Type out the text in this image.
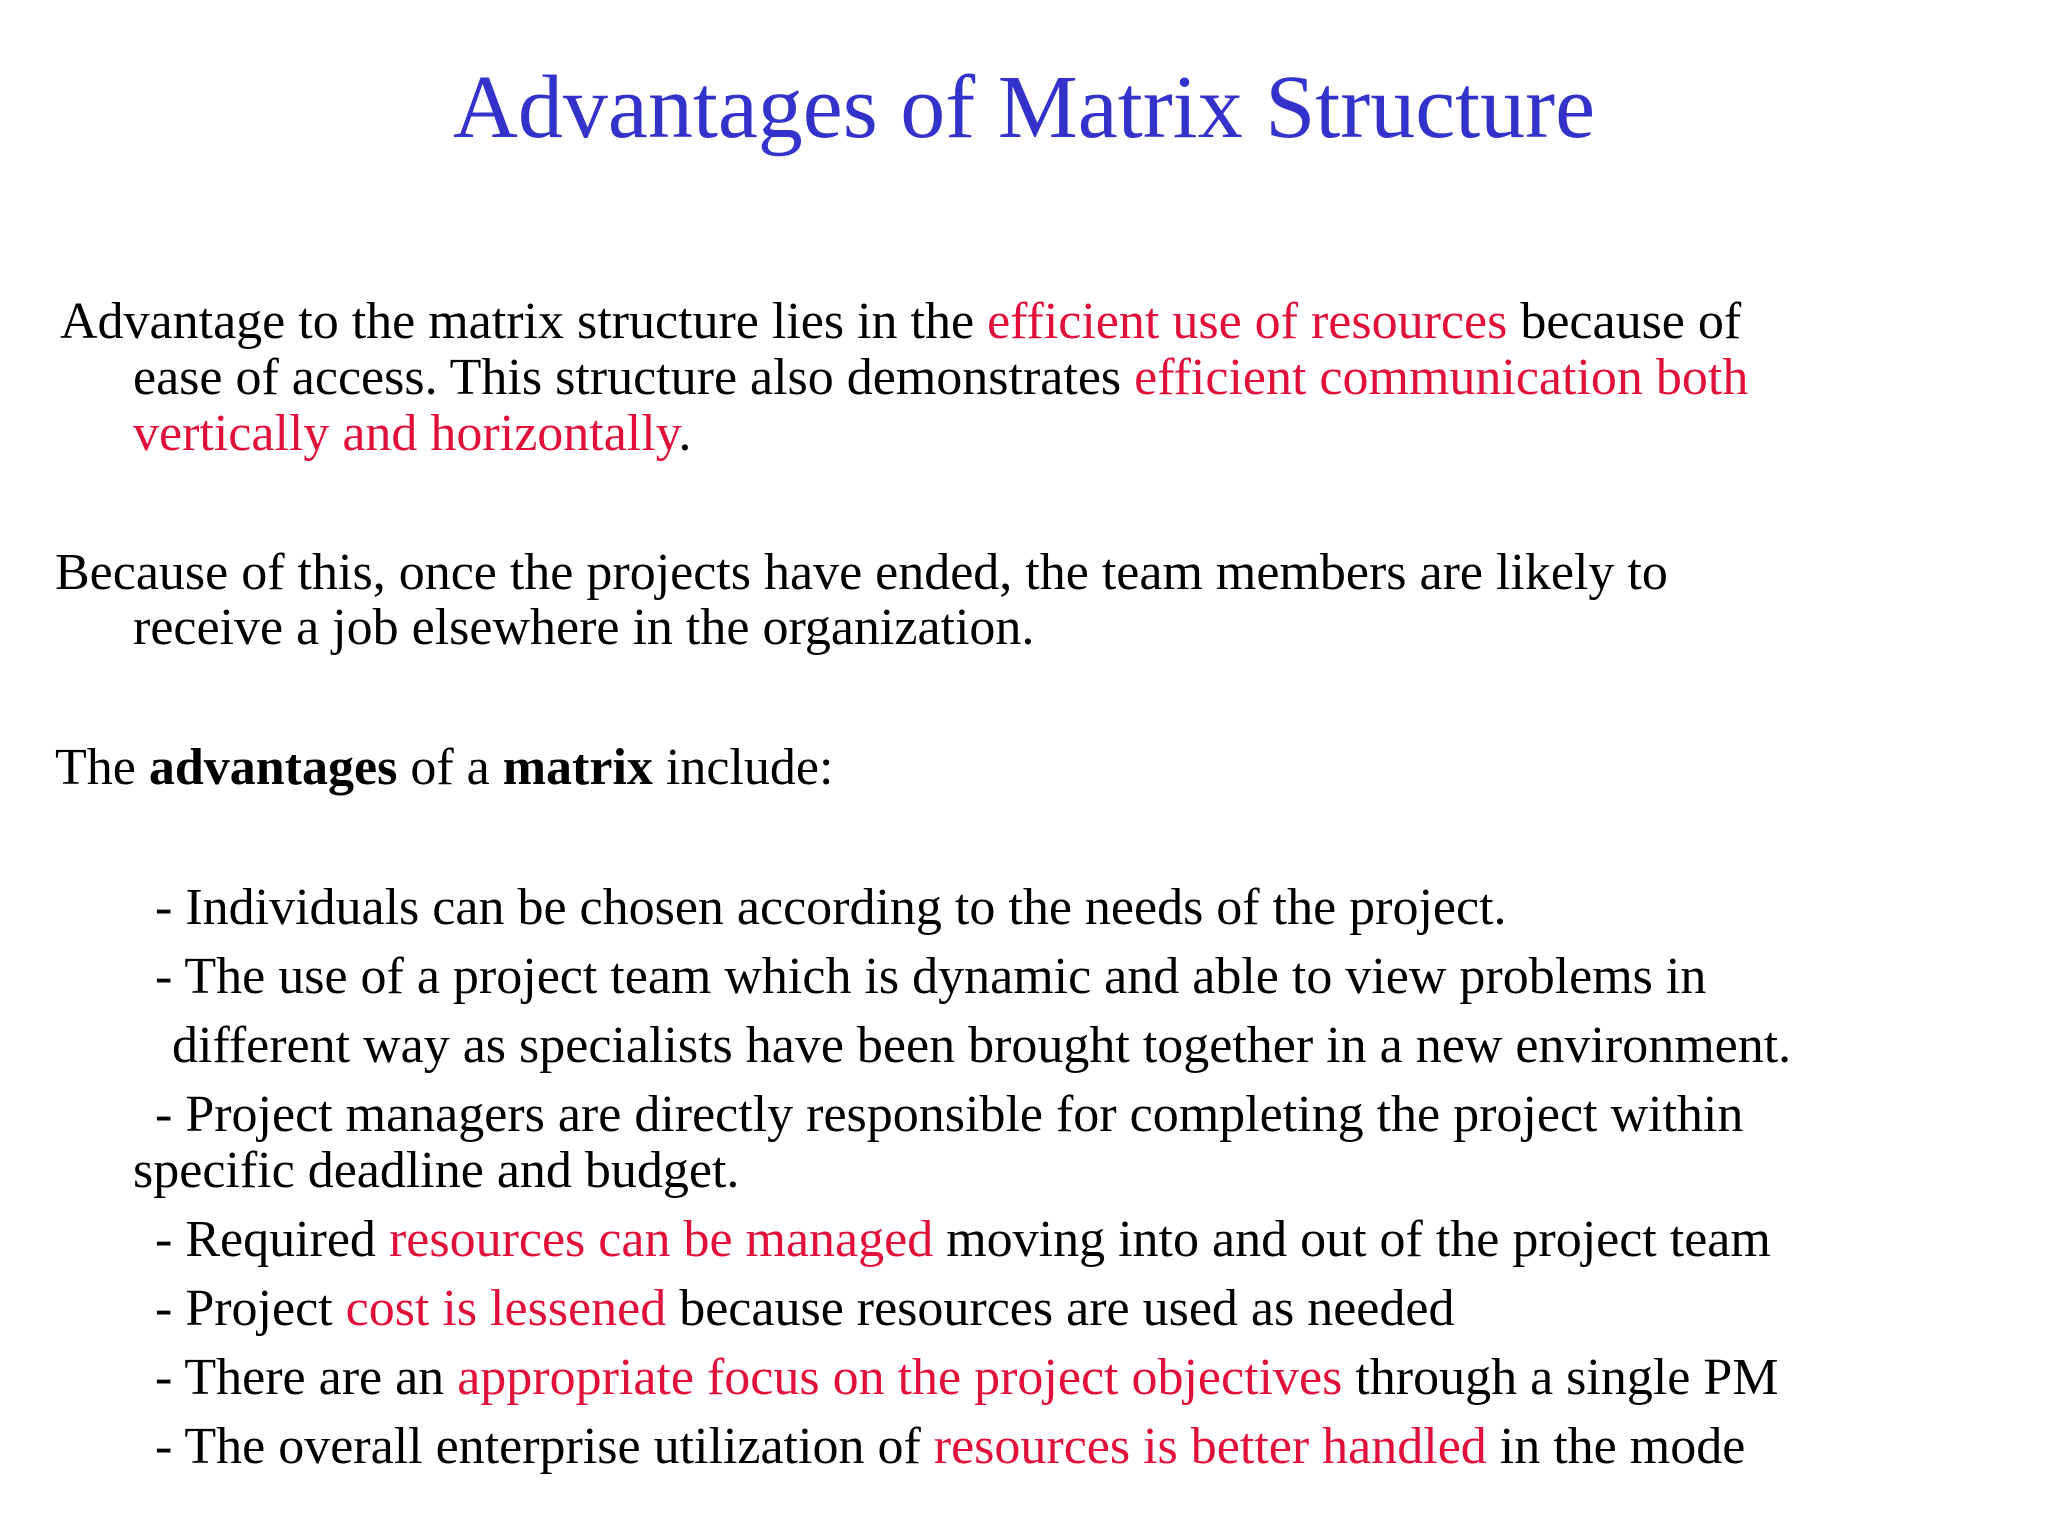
Advantages of Matrix Structure
Advantage to the matrix structure lies in the efficient use of resources because of
ease of access. This structure also demonstrates efficient communication both
vertically and horizontally.
Because of this, once the projects have ended, the team members are likely to
receive a job elsewhere in the organization.
The advantages of a matrix include:
- Individuals can be chosen according to the needs of the project.
- The use of a project team which is dynamic and able to view problems in
different way as specialists have been brought together in a new environment.
- Project managers are directly responsible for completing the project within
specific deadline and budget.
- Required resources can be managed moving into and out of the project team
- Project cost is lessened because resources are used as needed
- There are an appropriate focus on the project objectives through a single PM
- The overall enterprise utilization of resources is better handled in the mode
